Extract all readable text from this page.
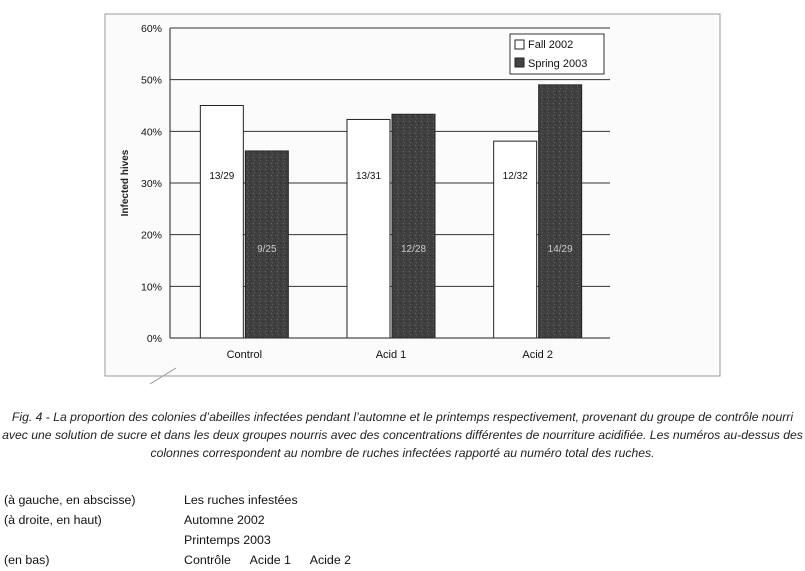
0%
10%
20%
30%
40%
50%
60%
13/29
9/25
13/31
12/28
12/32
14/29
Control	Acid 1	Acid 2
Infected hives
Fall 2002
Spring 2003
Fig. 4 - La proportion des colonies d’abeilles infectées pendant l’automne et le printemps respectivement, provenant du groupe de contrôle nourri avec une solution de sucre et dans les deux groupes nourris avec des concentrations différentes de nourriture acidifiée. Les numéros au-dessus des colonnes correspondent au nombre de ruches infectées rapporté au numéro total des ruches.
(à gauche, en abscisse)	Les ruches infestées
(à droite, en haut)	Automne 2002
Printemps 2003
(en bas)	Contrôle Acide 1 Acide 2
